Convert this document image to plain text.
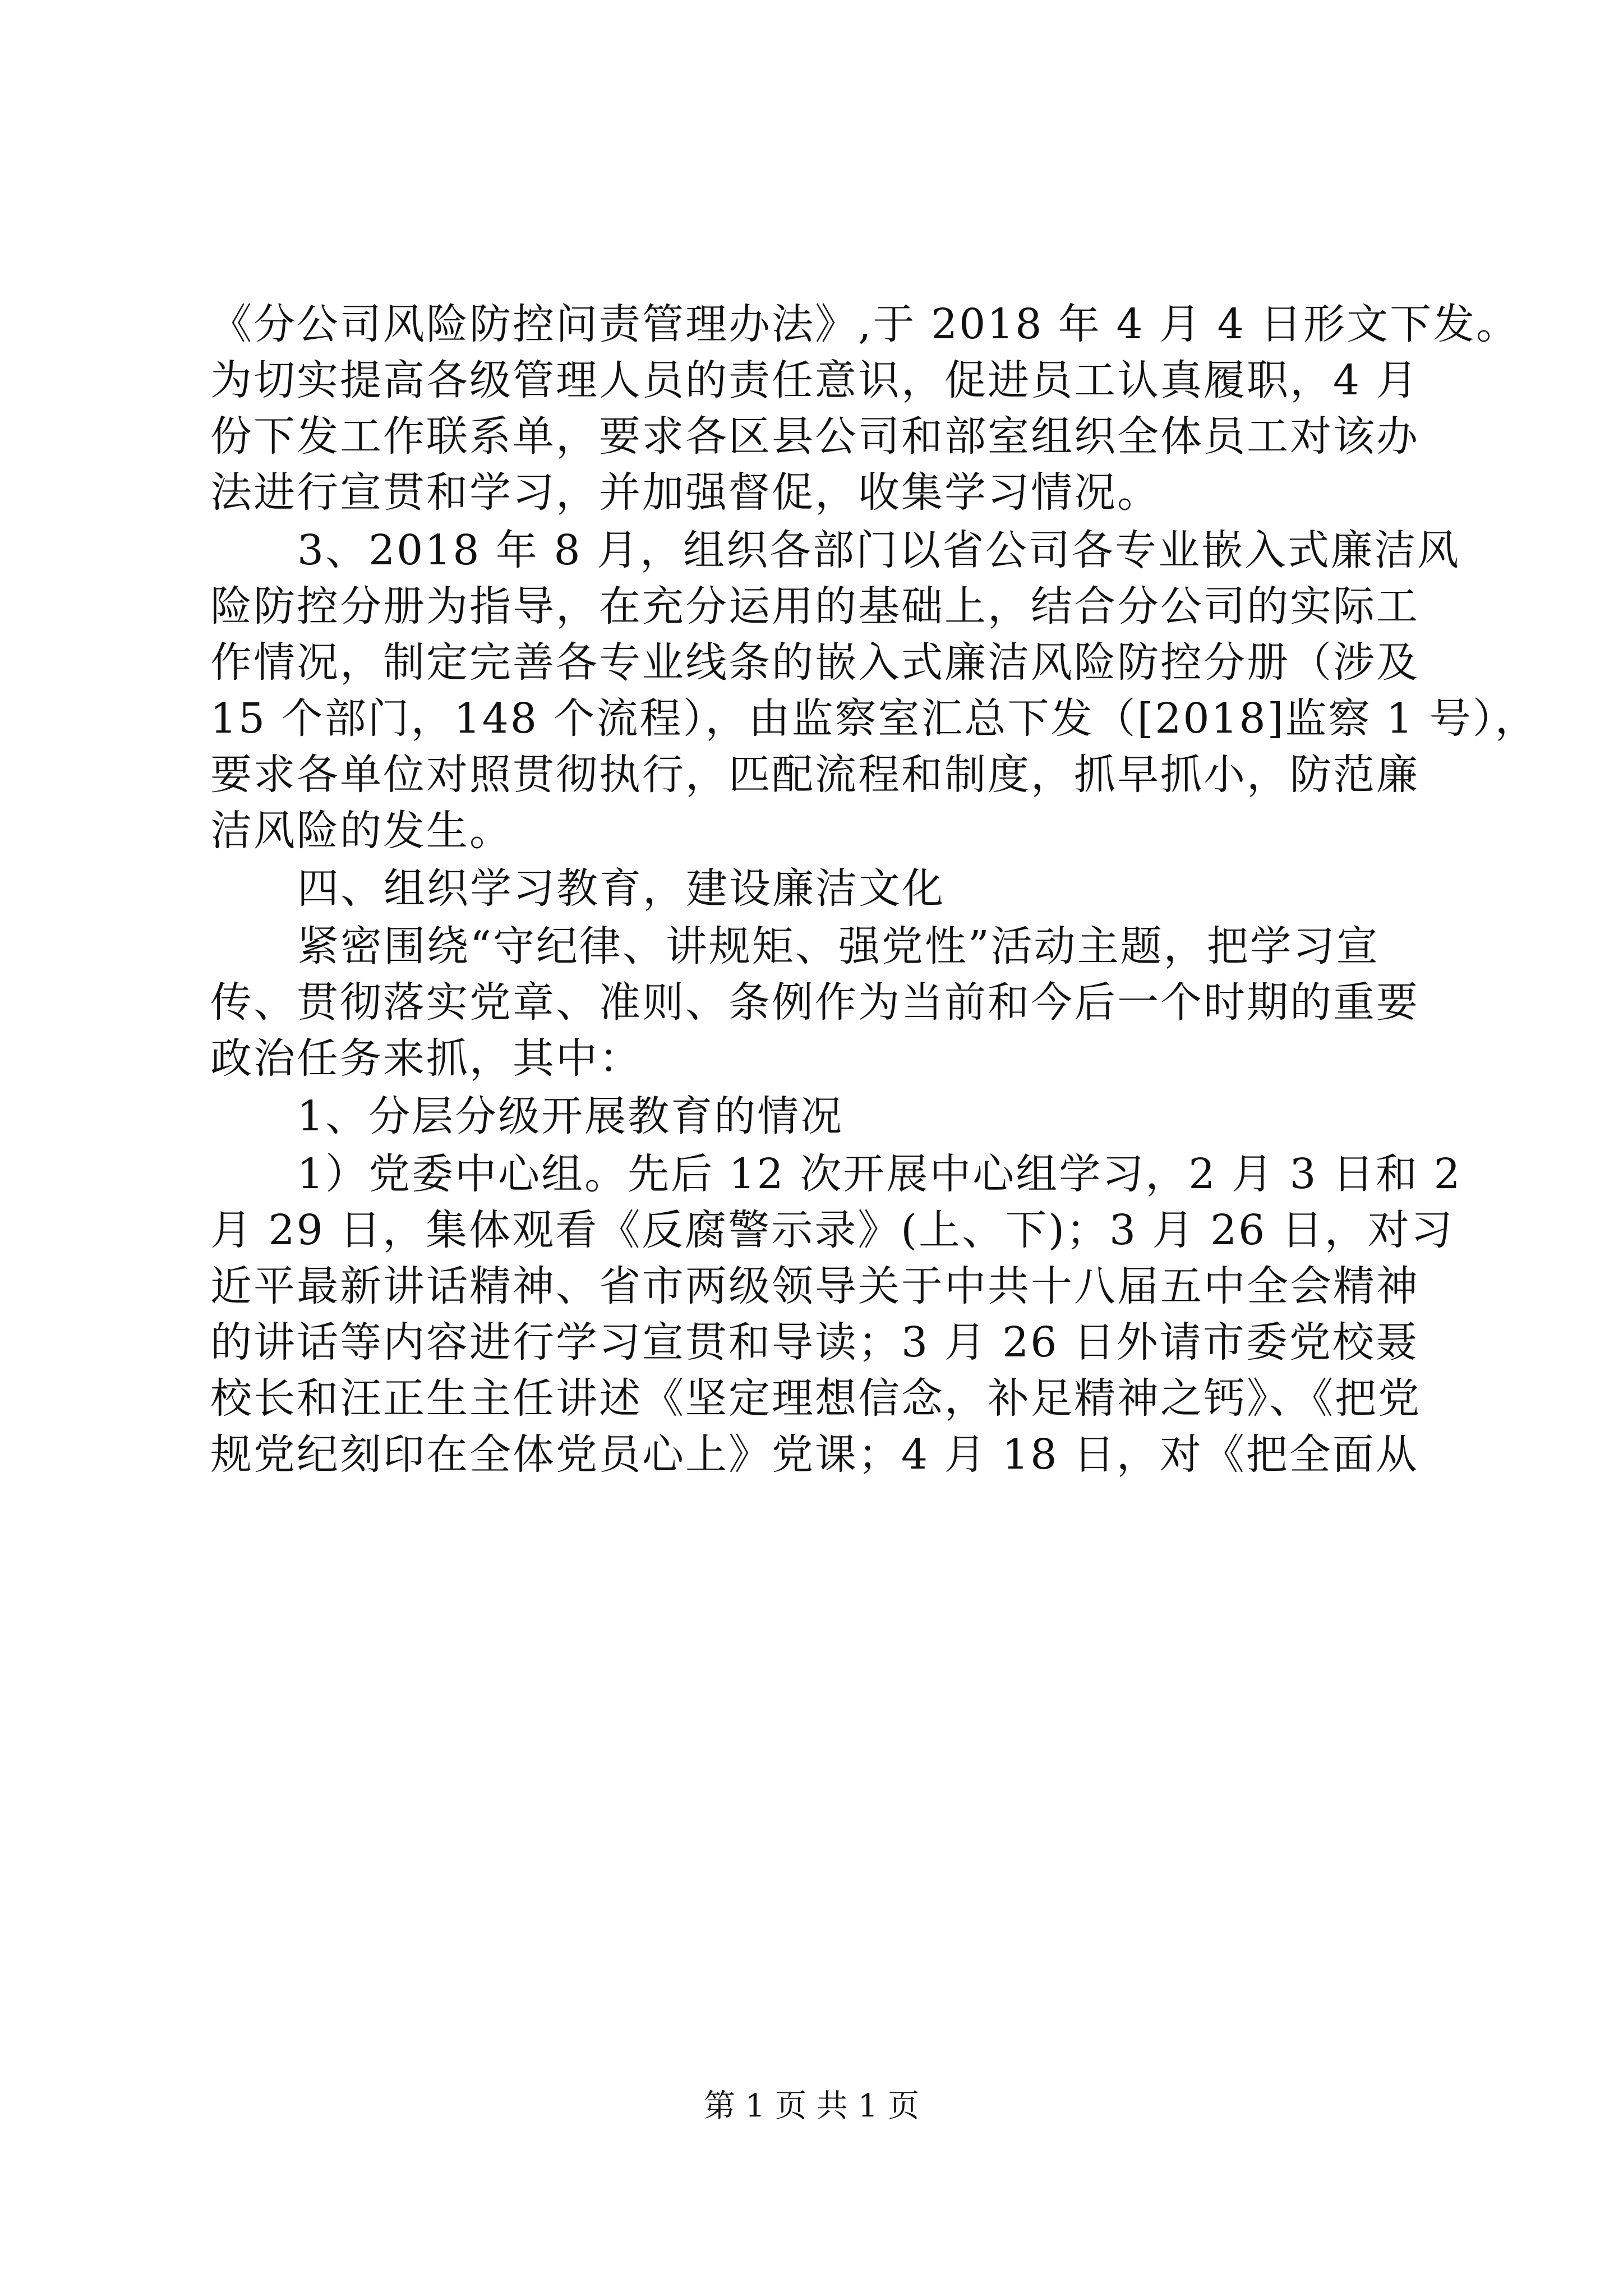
《分公司风险防控问责管理办法》,于 2018 年 4 月 4 日形文下发。
为切实提高各级管理人员的责任意识，促进员工认真履职，4 月
份下发工作联系单，要求各区县公司和部室组织全体员工对该办
法进行宣贯和学习，并加强督促，收集学习情况。
3、2018 年 8 月，组织各部门以省公司各专业嵌入式廉洁风
险防控分册为指导，在充分运用的基础上，结合分公司的实际工
作情况，制定完善各专业线条的嵌入式廉洁风险防控分册（涉及
15 个部门，148 个流程），由监察室汇总下发（[2018]监察 1 号），
要求各单位对照贯彻执行，匹配流程和制度，抓早抓小，防范廉
洁风险的发生。
四、组织学习教育，建设廉洁文化
紧密围绕“守纪律、讲规矩、强党性”活动主题，把学习宣
传、贯彻落实党章、准则、条例作为当前和今后一个时期的重要
政治任务来抓，其中：
1、分层分级开展教育的情况
1）党委中心组。先后 12 次开展中心组学习，2 月 3 日和 2
月 29 日，集体观看《反腐警示录》(上、下)；3 月 26 日，对习
近平最新讲话精神、省市两级领导关于中共十八届五中全会精神
的讲话等内容进行学习宣贯和导读；3 月 26 日外请市委党校聂
校长和汪正生主任讲述《坚定理想信念，补足精神之钙》、《把党
规党纪刻印在全体党员心上》党课；4 月 18 日，对《把全面从
第 1 页 共 1 页
